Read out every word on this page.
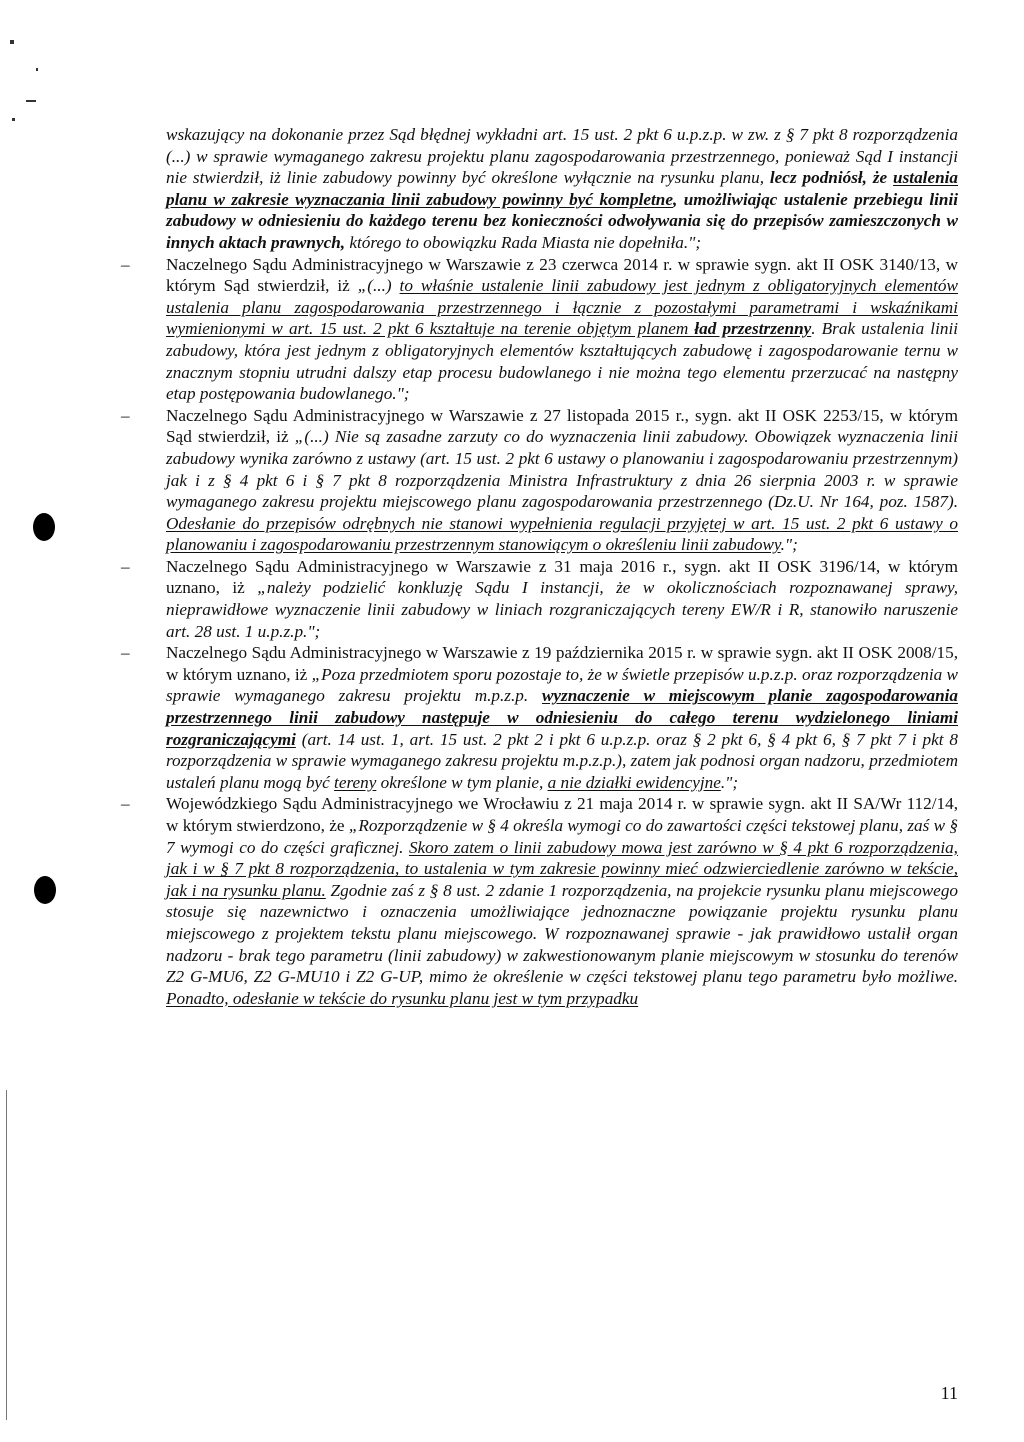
wskazujący na dokonanie przez Sąd błędnej wykładni art. 15 ust. 2 pkt 6 u.p.z.p. w zw. z § 7 pkt 8 rozporządzenia (...) w sprawie wymaganego zakresu projektu planu zagospodarowania przestrzennego, ponieważ Sąd I instancji nie stwierdził, iż linie zabudowy powinny być określone wyłącznie na rysunku planu, lecz podniósł, że ustalenia planu w zakresie wyznaczania linii zabudowy powinny być kompletne, umożliwiając ustalenie przebiegu linii zabudowy w odniesieniu do każdego terenu bez konieczności odwoływania się do przepisów zamieszczonych w innych aktach prawnych, którego to obowiązku Rada Miasta nie dopełniła.";

– Naczelnego Sądu Administracyjnego w Warszawie z 23 czerwca 2014 r. w sprawie sygn. akt II OSK 3140/13, w którym Sąd stwierdził, iż „(...) to właśnie ustalenie linii zabudowy jest jednym z obligatoryjnych elementów ustalenia planu zagospodarowania przestrzennego i łącznie z pozostałymi parametrami i wskaźnikami wymienionymi w art. 15 ust. 2 pkt 6 kształtuje na terenie objętym planem ład przestrzenny. Brak ustalenia linii zabudowy, która jest jednym z obligatoryjnych elementów kształtujących zabudowę i zagospodarowanie ternu w znacznym stopniu utrudni dalszy etap procesu budowlanego i nie można tego elementu przerzucać na następny etap postępowania budowlanego.";
– Naczelnego Sądu Administracyjnego w Warszawie z 27 listopada 2015 r., sygn. akt II OSK 2253/15, w którym Sąd stwierdził, iż „(...) Nie są zasadne zarzuty co do wyznaczenia linii zabudowy. Obowiązek wyznaczenia linii zabudowy wynika zarówno z ustawy (art. 15 ust. 2 pkt 6 ustawy o planowaniu i zagospodarowaniu przestrzennym) jak i z § 4 pkt 6 i § 7 pkt 8 rozporządzenia Ministra Infrastruktury z dnia 26 sierpnia 2003 r. w sprawie wymaganego zakresu projektu miejscowego planu zagospodarowania przestrzennego (Dz.U. Nr 164, poz. 1587). Odesłanie do przepisów odrębnych nie stanowi wypełnienia regulacji przyjętej w art. 15 ust. 2 pkt 6 ustawy o planowaniu i zagospodarowaniu przestrzennym stanowiącym o określeniu linii zabudowy.";
– Naczelnego Sądu Administracyjnego w Warszawie z 31 maja 2016 r., sygn. akt II OSK 3196/14, w którym uznano, iż „należy podzielić konkluzję Sądu I instancji, że w okolicznościach rozpoznawanej sprawy, nieprawidłowe wyznaczenie linii zabudowy w liniach rozgraniczających tereny EW/R i R, stanowiło naruszenie art. 28 ust. 1 u.p.z.p.";
– Naczelnego Sądu Administracyjnego w Warszawie z 19 października 2015 r. w sprawie sygn. akt II OSK 2008/15, w którym uznano, iż „Poza przedmiotem sporu pozostaje to, że w świetle przepisów u.p.z.p. oraz rozporządzenia w sprawie wymaganego zakresu projektu m.p.z.p. wyznaczenie w miejscowym planie zagospodarowania przestrzennego linii zabudowy następuje w odniesieniu do całego terenu wydzielonego liniami rozgraniczającymi (art. 14 ust. 1, art. 15 ust. 2 pkt 2 i pkt 6 u.p.z.p. oraz § 2 pkt 6, § 4 pkt 6, § 7 pkt 7 i pkt 8 rozporządzenia w sprawie wymaganego zakresu projektu m.p.z.p.), zatem jak podnosi organ nadzoru, przedmiotem ustaleń planu mogą być tereny określone w tym planie, a nie działki ewidencyjne.";
– Wojewódzkiego Sądu Administracyjnego we Wrocławiu z 21 maja 2014 r. w sprawie sygn. akt II SA/Wr 112/14, w którym stwierdzono, że „Rozporządzenie w § 4 określa wymogi co do zawartości części tekstowej planu, zaś w § 7 wymogi co do części graficznej. Skoro zatem o linii zabudowy mowa jest zarówno w § 4 pkt 6 rozporządzenia, jak i w § 7 pkt 8 rozporządzenia, to ustalenia w tym zakresie powinny mieć odzwierciedlenie zarówno w tekście, jak i na rysunku planu. Zgodnie zaś z § 8 ust. 2 zdanie 1 rozporządzenia, na projekcie rysunku planu miejscowego stosuje się nazewnictwo i oznaczenia umożliwiające jednoznaczne powiązanie projektu rysunku planu miejscowego z projektem tekstu planu miejscowego. W rozpoznawanej sprawie - jak prawidłowo ustalił organ nadzoru - brak tego parametru (linii zabudowy) w zakwestionowanym planie miejscowym w stosunku do terenów Z2 G-MU6, Z2 G-MU10 i Z2 G-UP, mimo że określenie w części tekstowej planu tego parametru było możliwe. Ponadto, odesłanie w tekście do rysunku planu jest w tym przypadku
11
